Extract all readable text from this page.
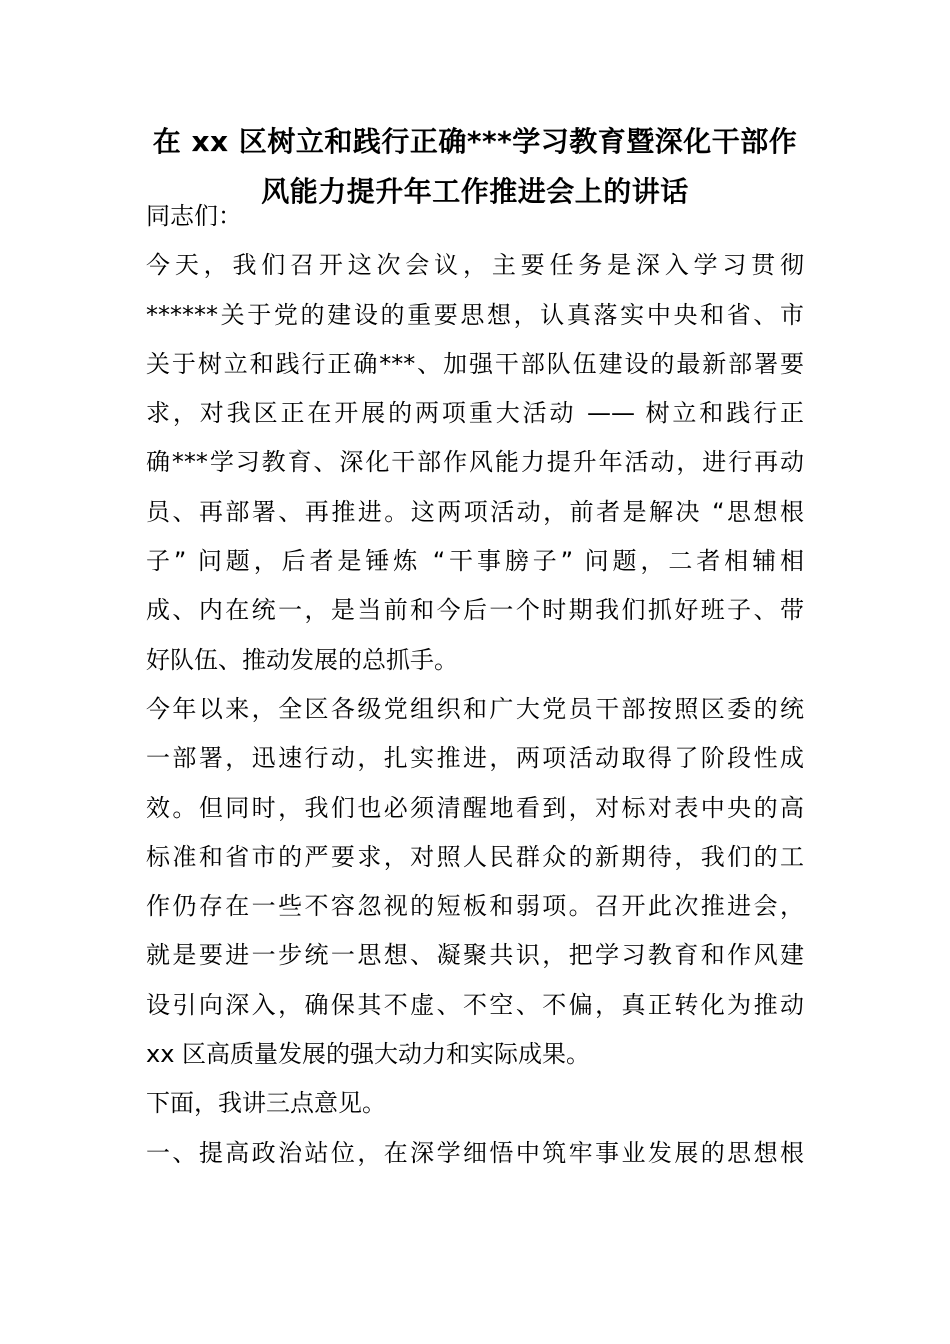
在 xx 区树立和践行正确***学习教育暨深化干部作
风能力提升年工作推进会上的讲话
同志们：
今天，我们召开这次会议，主要任务是深入学习贯彻
******关于党的建设的重要思想，认真落实中央和省、市
关于树立和践行正确***、加强干部队伍建设的最新部署要
求，对我区正在开展的两项重大活动 —— 树立和践行正
确***学习教育、深化干部作风能力提升年活动，进行再动
员、再部署、再推进。这两项活动，前者是解决 “思想根
子” 问题，后者是锤炼 “干事膀子” 问题，二者相辅相
成、内在统一，是当前和今后一个时期我们抓好班子、带
好队伍、推动发展的总抓手。
今年以来，全区各级党组织和广大党员干部按照区委的统
一部署，迅速行动，扎实推进，两项活动取得了阶段性成
效。但同时，我们也必须清醒地看到，对标对表中央的高
标准和省市的严要求，对照人民群众的新期待，我们的工
作仍存在一些不容忽视的短板和弱项。召开此次推进会，
就是要进一步统一思想、凝聚共识，把学习教育和作风建
设引向深入，确保其不虚、不空、不偏，真正转化为推动
xx 区高质量发展的强大动力和实际成果。
下面，我讲三点意见。
一、提高政治站位，在深学细悟中筑牢事业发展的思想根
